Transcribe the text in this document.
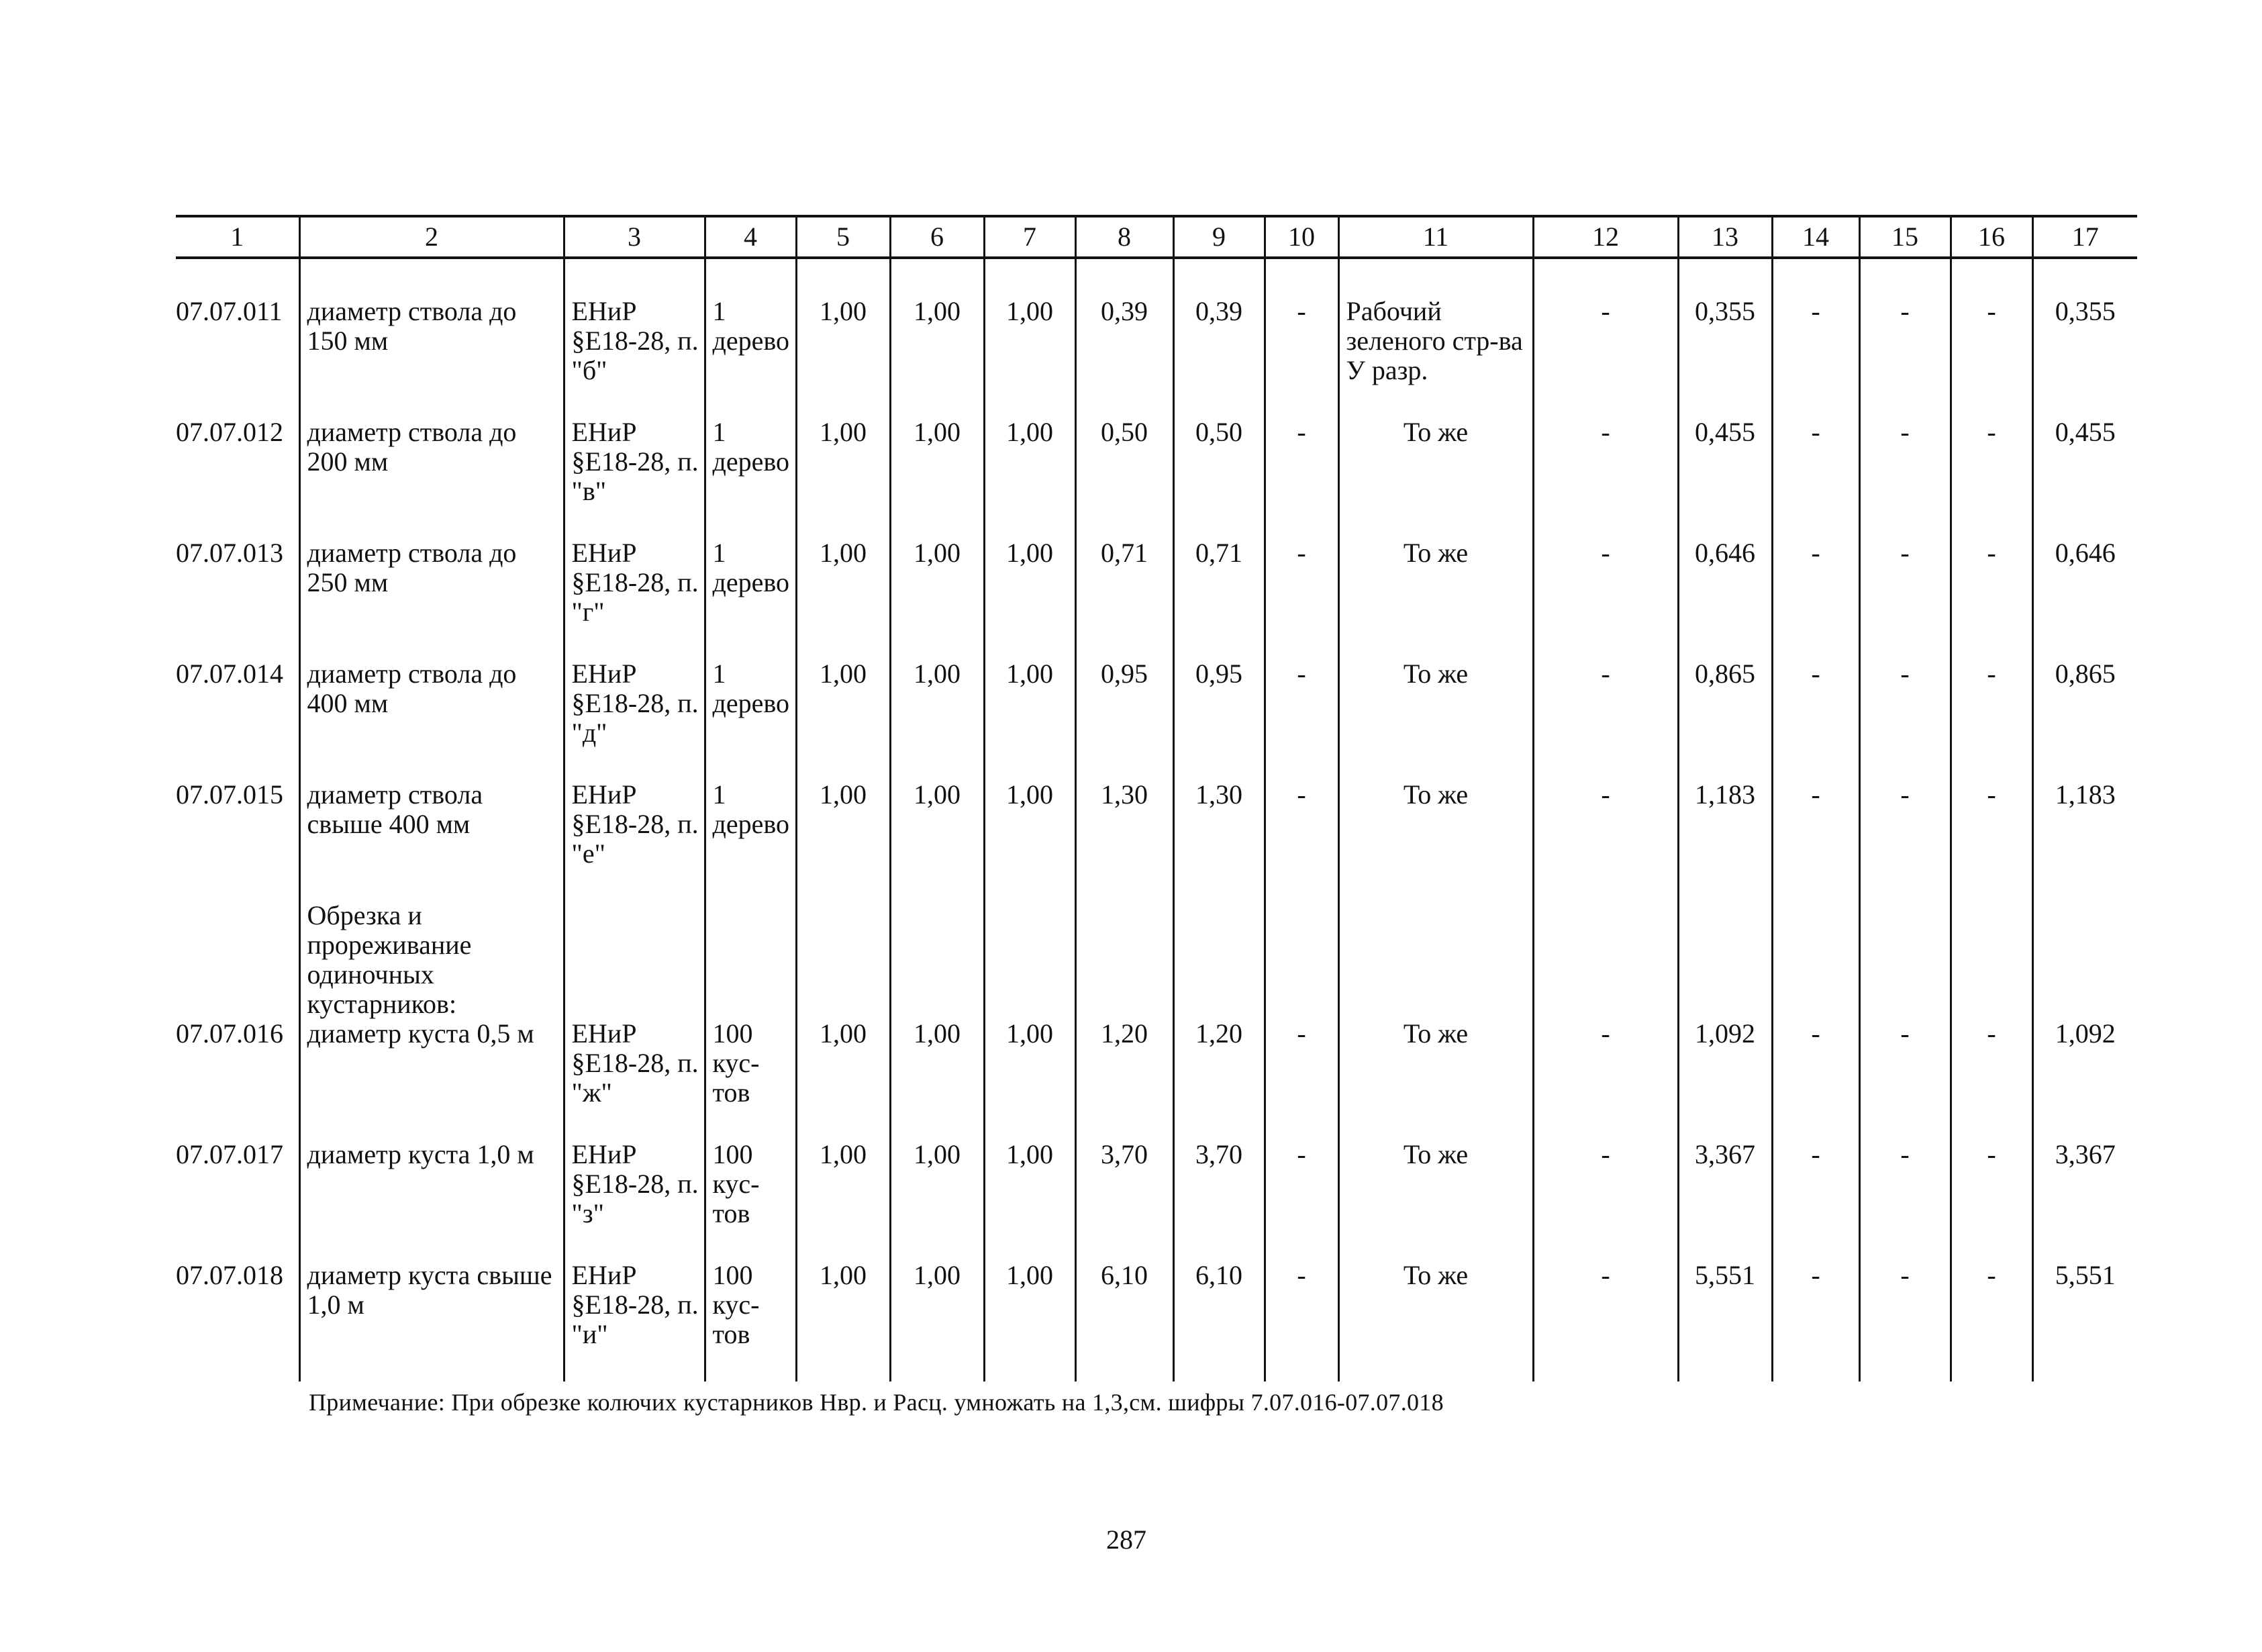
1	2	3	4	5	6	7	8	9	10	11	12	13	14	15	16	17

07.07.011	диаметр ствола до 150 мм	ЕНиР §Е18-28, п. "б"	1 дерево	1,00	1,00	1,00	0,39	0,39	-	Рабочий зеленого стр-ва У разр.	-	0,355	-	-	-	0,355
07.07.012	диаметр ствола до 200 мм	ЕНиР §Е18-28, п. "в"	1 дерево	1,00	1,00	1,00	0,50	0,50	-	То же	-	0,455	-	-	-	0,455
07.07.013	диаметр ствола до 250 мм	ЕНиР §Е18-28, п. "г"	1 дерево	1,00	1,00	1,00	0,71	0,71	-	То же	-	0,646	-	-	-	0,646
07.07.014	диаметр ствола до 400 мм	ЕНиР §Е18-28, п. "д"	1 дерево	1,00	1,00	1,00	0,95	0,95	-	То же	-	0,865	-	-	-	0,865
07.07.015	диаметр ствола свыше 400 мм	ЕНиР §Е18-28, п. "е"	1 дерево	1,00	1,00	1,00	1,30	1,30	-	То же	-	1,183	-	-	-	1,183
	Обрезка и прореживание одиночных кустарников:															
07.07.016	диаметр куста 0,5 м	ЕНиР §Е18-28, п. "ж"	100 кус-тов	1,00	1,00	1,00	1,20	1,20	-	То же	-	1,092	-	-	-	1,092
07.07.017	диаметр куста 1,0 м	ЕНиР §Е18-28, п. "з"	100 кус-тов	1,00	1,00	1,00	3,70	3,70	-	То же	-	3,367	-	-	-	3,367
07.07.018	диаметр куста свыше 1,0 м	ЕНиР §Е18-28, п. "и"	100 кус-тов	1,00	1,00	1,00	6,10	6,10	-	То же	-	5,551	-	-	-	5,551
Примечание: При обрезке колючих кустарников Нвр. и Расц. умножать на 1,3,см. шифры 7.07.016-07.07.018
287
